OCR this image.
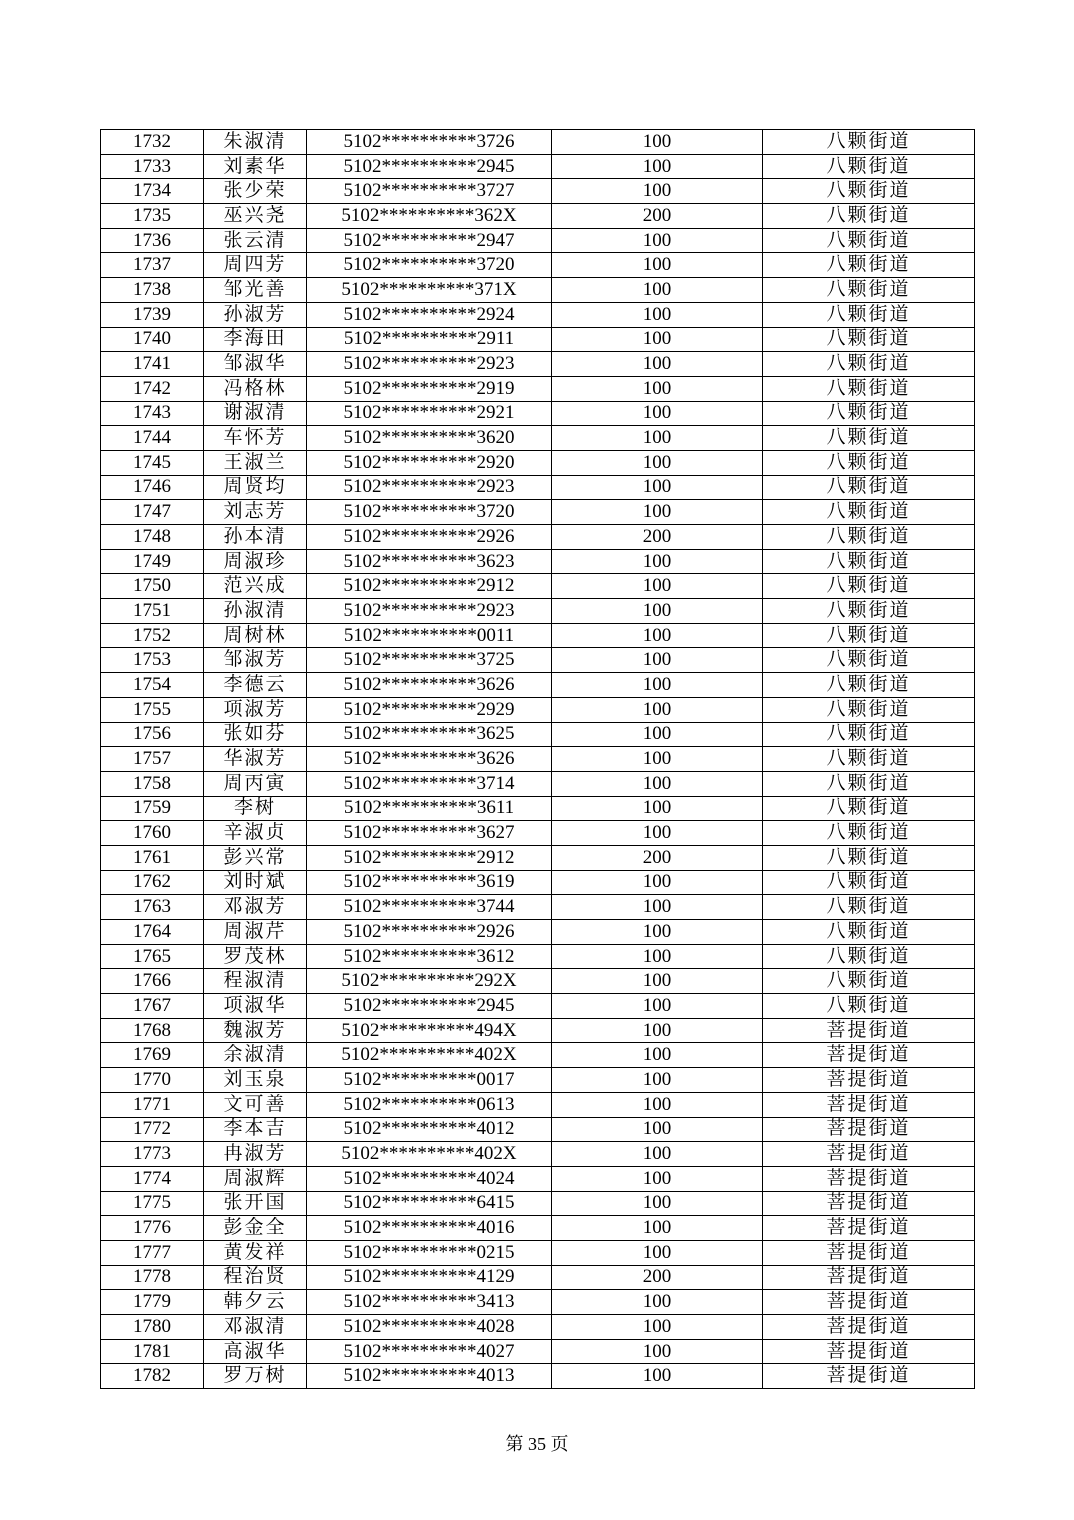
1732	朱淑清	5102**********3726	100	八颗街道
1733	刘素华	5102**********2945	100	八颗街道
1734	张少荣	5102**********3727	100	八颗街道
1735	巫兴尧	5102**********362X	200	八颗街道
1736	张云清	5102**********2947	100	八颗街道
1737	周四芳	5102**********3720	100	八颗街道
1738	邹光善	5102**********371X	100	八颗街道
1739	孙淑芳	5102**********2924	100	八颗街道
1740	李海田	5102**********2911	100	八颗街道
1741	邹淑华	5102**********2923	100	八颗街道
1742	冯格林	5102**********2919	100	八颗街道
1743	谢淑清	5102**********2921	100	八颗街道
1744	车怀芳	5102**********3620	100	八颗街道
1745	王淑兰	5102**********2920	100	八颗街道
1746	周贤均	5102**********2923	100	八颗街道
1747	刘志芳	5102**********3720	100	八颗街道
1748	孙本清	5102**********2926	200	八颗街道
1749	周淑珍	5102**********3623	100	八颗街道
1750	范兴成	5102**********2912	100	八颗街道
1751	孙淑清	5102**********2923	100	八颗街道
1752	周树林	5102**********0011	100	八颗街道
1753	邹淑芳	5102**********3725	100	八颗街道
1754	李德云	5102**********3626	100	八颗街道
1755	项淑芳	5102**********2929	100	八颗街道
1756	张如芬	5102**********3625	100	八颗街道
1757	华淑芳	5102**********3626	100	八颗街道
1758	周丙寅	5102**********3714	100	八颗街道
1759	李树	5102**********3611	100	八颗街道
1760	辛淑贞	5102**********3627	100	八颗街道
1761	彭兴常	5102**********2912	200	八颗街道
1762	刘时斌	5102**********3619	100	八颗街道
1763	邓淑芳	5102**********3744	100	八颗街道
1764	周淑芹	5102**********2926	100	八颗街道
1765	罗茂林	5102**********3612	100	八颗街道
1766	程淑清	5102**********292X	100	八颗街道
1767	项淑华	5102**********2945	100	八颗街道
1768	魏淑芳	5102**********494X	100	菩提街道
1769	余淑清	5102**********402X	100	菩提街道
1770	刘玉泉	5102**********0017	100	菩提街道
1771	文可善	5102**********0613	100	菩提街道
1772	李本吉	5102**********4012	100	菩提街道
1773	冉淑芳	5102**********402X	100	菩提街道
1774	周淑辉	5102**********4024	100	菩提街道
1775	张开国	5102**********6415	100	菩提街道
1776	彭金全	5102**********4016	100	菩提街道
1777	黄发祥	5102**********0215	100	菩提街道
1778	程治贤	5102**********4129	200	菩提街道
1779	韩夕云	5102**********3413	100	菩提街道
1780	邓淑清	5102**********4028	100	菩提街道
1781	高淑华	5102**********4027	100	菩提街道
1782	罗万树	5102**********4013	100	菩提街道
第 35 页
